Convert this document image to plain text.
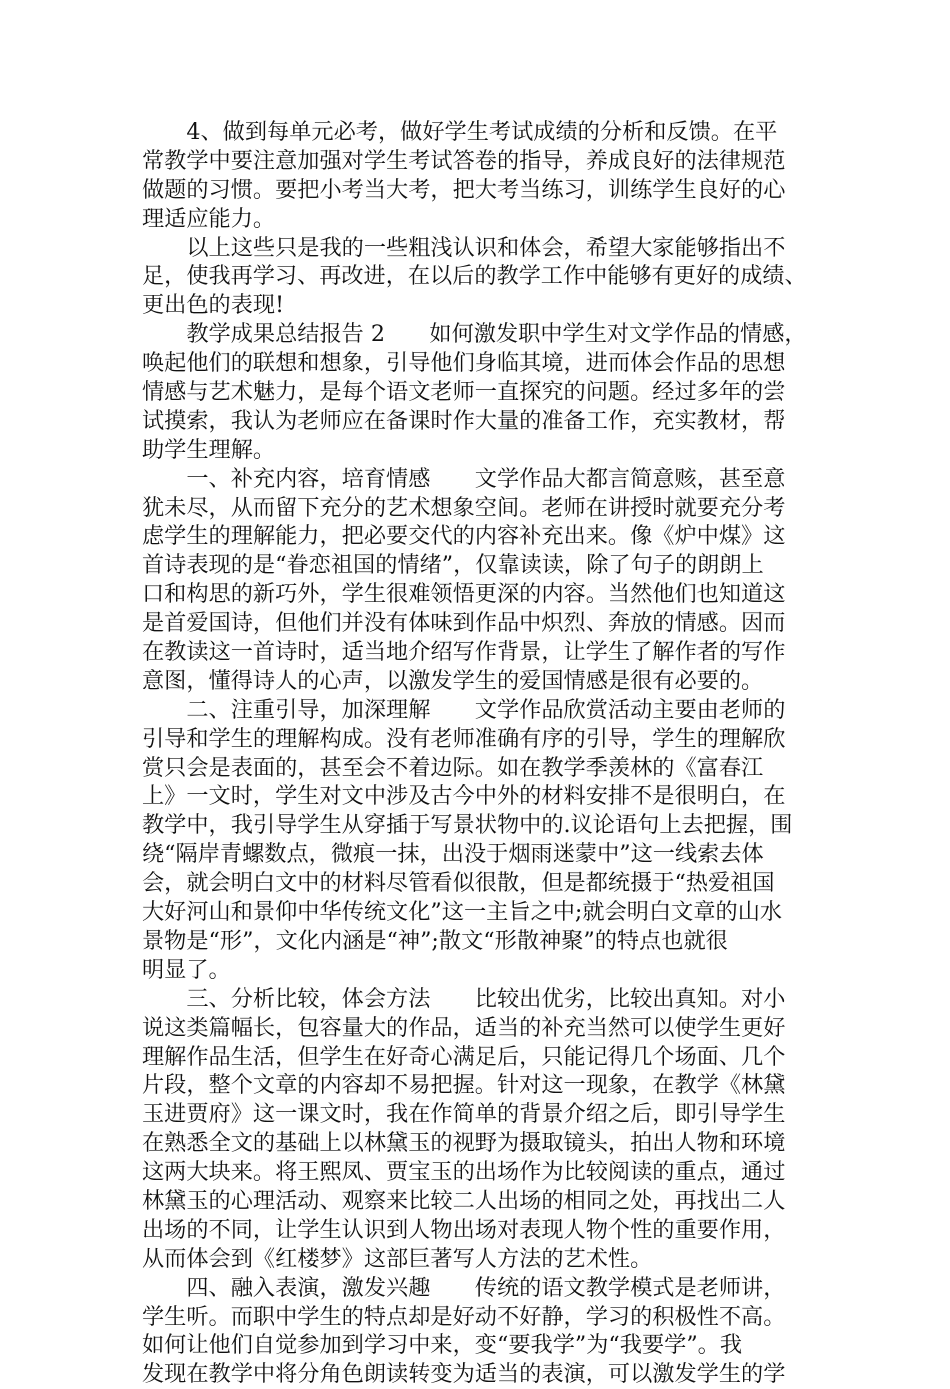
　　4、做到每单元必考，做好学生考试成绩的分析和反馈。在平
常教学中要注意加强对学生考试答卷的指导，养成良好的法律规范
做题的习惯。要把小考当大考，把大考当练习，训练学生良好的心
理适应能力。
　　以上这些只是我的一些粗浅认识和体会，希望大家能够指出不
足，使我再学习、再改进，在以后的教学工作中能够有更好的成绩、
更出色的表现!
　　教学成果总结报告 2　　如何激发职中学生对文学作品的情感，
唤起他们的联想和想象，引导他们身临其境，进而体会作品的思想
情感与艺术魅力，是每个语文老师一直探究的问题。经过多年的尝
试摸索，我认为老师应在备课时作大量的准备工作，充实教材，帮
助学生理解。
　　一、补充内容，培育情感　　文学作品大都言简意赅，甚至意
犹未尽，从而留下充分的艺术想象空间。老师在讲授时就要充分考
虑学生的理解能力，把必要交代的内容补充出来。像《炉中煤》这
首诗表现的是“眷恋祖国的情绪”，仅靠读读，除了句子的朗朗上
口和构思的新巧外，学生很难领悟更深的内容。当然他们也知道这
是首爱国诗，但他们并没有体味到作品中炽烈、奔放的情感。因而
在教读这一首诗时，适当地介绍写作背景，让学生了解作者的写作
意图，懂得诗人的心声，以激发学生的爱国情感是很有必要的。
　　二、注重引导，加深理解　　文学作品欣赏活动主要由老师的
引导和学生的理解构成。没有老师准确有序的引导，学生的理解欣
赏只会是表面的，甚至会不着边际。如在教学季羡林的《富春江
上》一文时，学生对文中涉及古今中外的材料安排不是很明白，在
教学中，我引导学生从穿插于写景状物中的.议论语句上去把握，围
绕“隔岸青螺数点，微痕一抹，出没于烟雨迷蒙中”这一线索去体
会，就会明白文中的材料尽管看似很散，但是都统摄于“热爱祖国
大好河山和景仰中华传统文化”这一主旨之中;就会明白文章的山水
景物是“形”，文化内涵是“神”;散文“形散神聚”的特点也就很
明显了。
　　三、分析比较，体会方法　　比较出优劣，比较出真知。对小
说这类篇幅长，包容量大的作品，适当的补充当然可以使学生更好
理解作品生活，但学生在好奇心满足后，只能记得几个场面、几个
片段，整个文章的内容却不易把握。针对这一现象，在教学《林黛
玉进贾府》这一课文时，我在作简单的背景介绍之后，即引导学生
在熟悉全文的基础上以林黛玉的视野为摄取镜头，拍出人物和环境
这两大块来。将王熙凤、贾宝玉的出场作为比较阅读的重点，通过
林黛玉的心理活动、观察来比较二人出场的相同之处，再找出二人
出场的不同，让学生认识到人物出场对表现人物个性的重要作用，
从而体会到《红楼梦》这部巨著写人方法的艺术性。
　　四、融入表演，激发兴趣　　传统的语文教学模式是老师讲，
学生听。而职中学生的特点却是好动不好静，学习的积极性不高。
如何让他们自觉参加到学习中来，变“要我学”为“我要学”。我
发现在教学中将分角色朗读转变为适当的表演，可以激发学生的学
